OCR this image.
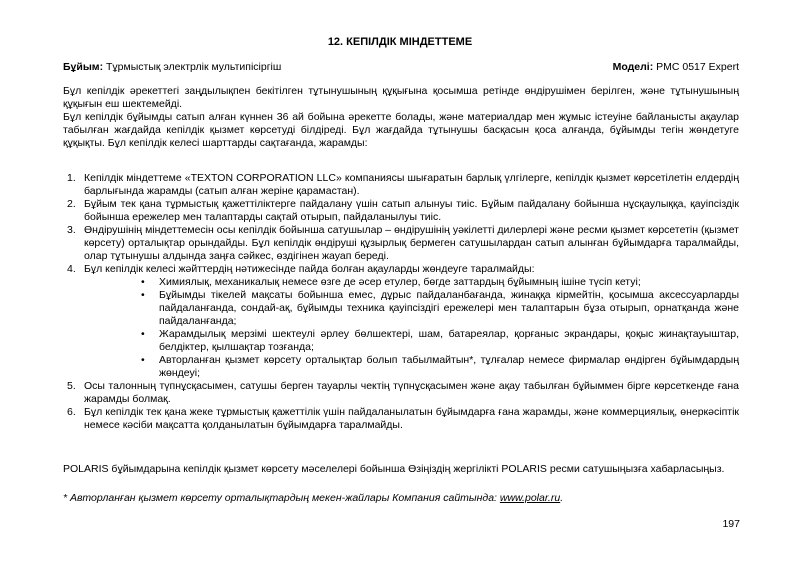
12. КЕПІЛДІК МІНДЕТТЕМЕ
Бұйым: Тұрмыстық электрлік мультипісіргіш	Моделі: PMC 0517 Expert

Бұл кепілдік әрекеттегі заңдылықпен бекітілген тұтынушының құқығына қосымша ретінде өндірушімен берілген, және тұтынушының құқығын еш шектемейді.

Бұл кепілдік бұйымды сатып алған күннен 36 ай бойына әрекетте болады, және материалдар мен жұмыс істеуіне байланысты ақаулар табылған жағдайда кепілдік қызмет көрсетуді білдіреді. Бұл жағдайда тұтынушы басқасын қоса алғанда, бұйымды тегін жөндетуге құқықты. Бұл кепілдік келесі шарттарды сақтағанда, жарамды:

1. Кепілдік міндеттеме «TEXTON CORPORATION LLC» компаниясы шығаратын барлық үлгілерге, кепілдік қызмет көрсетілетін елдердің барлығында жарамды (сатып алған жеріне қарамастан).
2. Бұйым тек қана тұрмыстық қажеттіліктерге пайдалану үшін сатып алынуы тиіс. Бұйым пайдалану бойынша нұсқаулыққа, қауіпсіздік бойынша ережелер мен талаптарды сақтай отырып, пайдаланылуы тиіс.
3. Өндірушінің міндеттемесін осы кепілдік бойынша сатушылар – өндірушінің уәкілетті дилерлері және ресми қызмет көрсететін (қызмет көрсету) орталықтар орындайды. Бұл кепілдік өндіруші құзырлық бермеген сатушылардан сатып алынған бұйымдарға таралмайды, олар тұтынушы алдында заңға сәйкес, өздігінен жауап береді.
4. Бұл кепілдік келесі жәйттердің нәтижесінде пайда болған ақауларды жөндеуге таралмайды:
• Химиялық, механикалық немесе өзге де әсер етулер, бөгде заттардың бұйымның ішіне түсіп кетуі;
• Бұйымды тікелей мақсаты бойынша емес, дұрыс пайдаланбағанда, жинаққа кірмейтін, қосымша аксессуарларды пайдаланғанда, сондай-ақ, бұйымды техника қауіпсіздігі ережелері мен талаптарын бұза отырып, орнатқанда және пайдаланғанда;
• Жарамдылық мерзімі шектеулі әрлеу бөлшектері, шам, батареялар, қорғаныс экрандары, қоқыс жинақтауыштар, белдіктер, қылшақтар тозғанда;
• Авторланған қызмет көрсету орталықтар болып табылмайтын*, тұлғалар немесе фирмалар өндірген бұйымдардың жөндеуі;
5. Осы талонның түпнұсқасымен, сатушы берген тауарлы чектің түпнұсқасымен және ақау табылған бұйыммен бірге көрсеткенде ғана жарамды болмақ.
6. Бұл кепілдік тек қана жеке тұрмыстық қажеттілік үшін пайдаланылатын бұйымдарға ғана жарамды, және коммерциялық, өнеркәсіптік немесе кәсіби мақсатта қолданылатын бұйымдарға таралмайды.
POLARIS бұйымдарына кепілдік қызмет көрсету мәселелері бойынша Өзіңіздің жергілікті POLARIS ресми сатушыңызға хабарласыңыз.
* Авторланған қызмет көрсету орталықтардың мекен-жайлары Компания сайтында: www.polar.ru.
197
